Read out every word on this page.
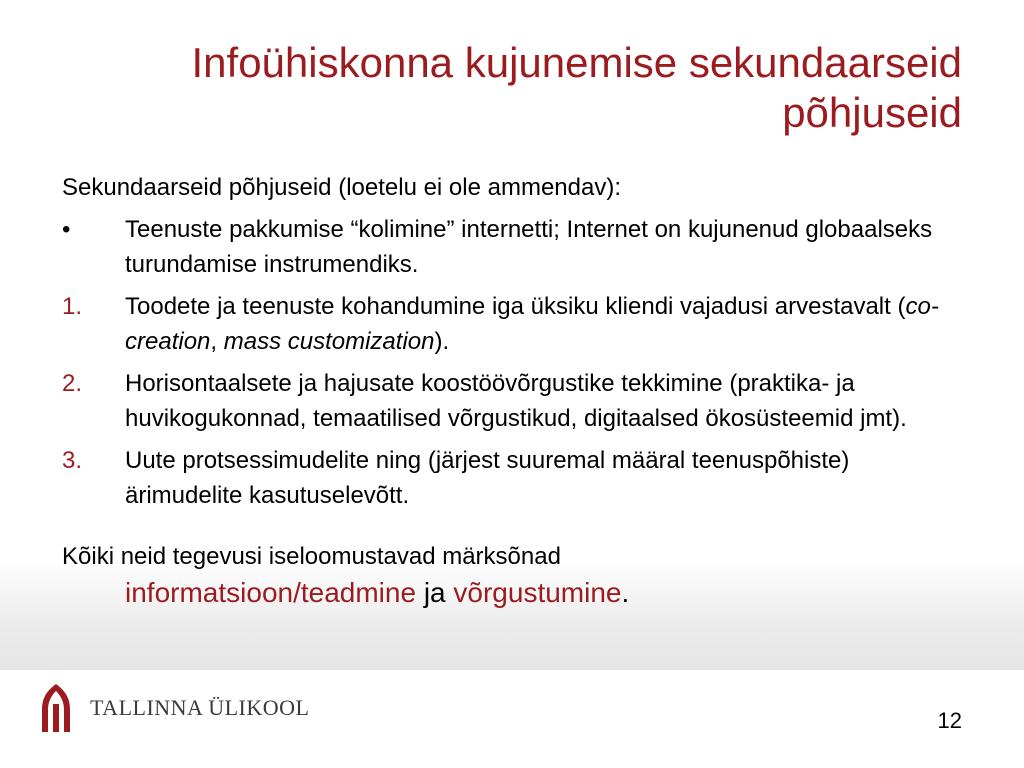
Infoühiskonna kujunemise sekundaarseid põhjuseid

Sekundaarseid põhjuseid (loetelu ei ole ammendav):

• Teenuste pakkumise “kolimine” internetti; Internet on kujunenud globaalseks turundamise instrumendiks.
1. Toodete ja teenuste kohandumine iga üksiku kliendi vajadusi arvestavalt (co-creation, mass customization).
2. Horisontaalsete ja hajusate koostöövõrgustike tekkimine (praktika- ja huvikogukonnad, temaatilised võrgustikud, digitaalsed ökosüsteemid jmt).
3. Uute protsessimudelite ning (järjest suuremal määral teenuspõhiste) ärimudelite kasutuselevõtt.
Kõiki neid tegevusi iseloomustavad märksõnad
informatsioon/teadmine ja võrgustumine.
TALLINNA ÜLIKOOL
12
